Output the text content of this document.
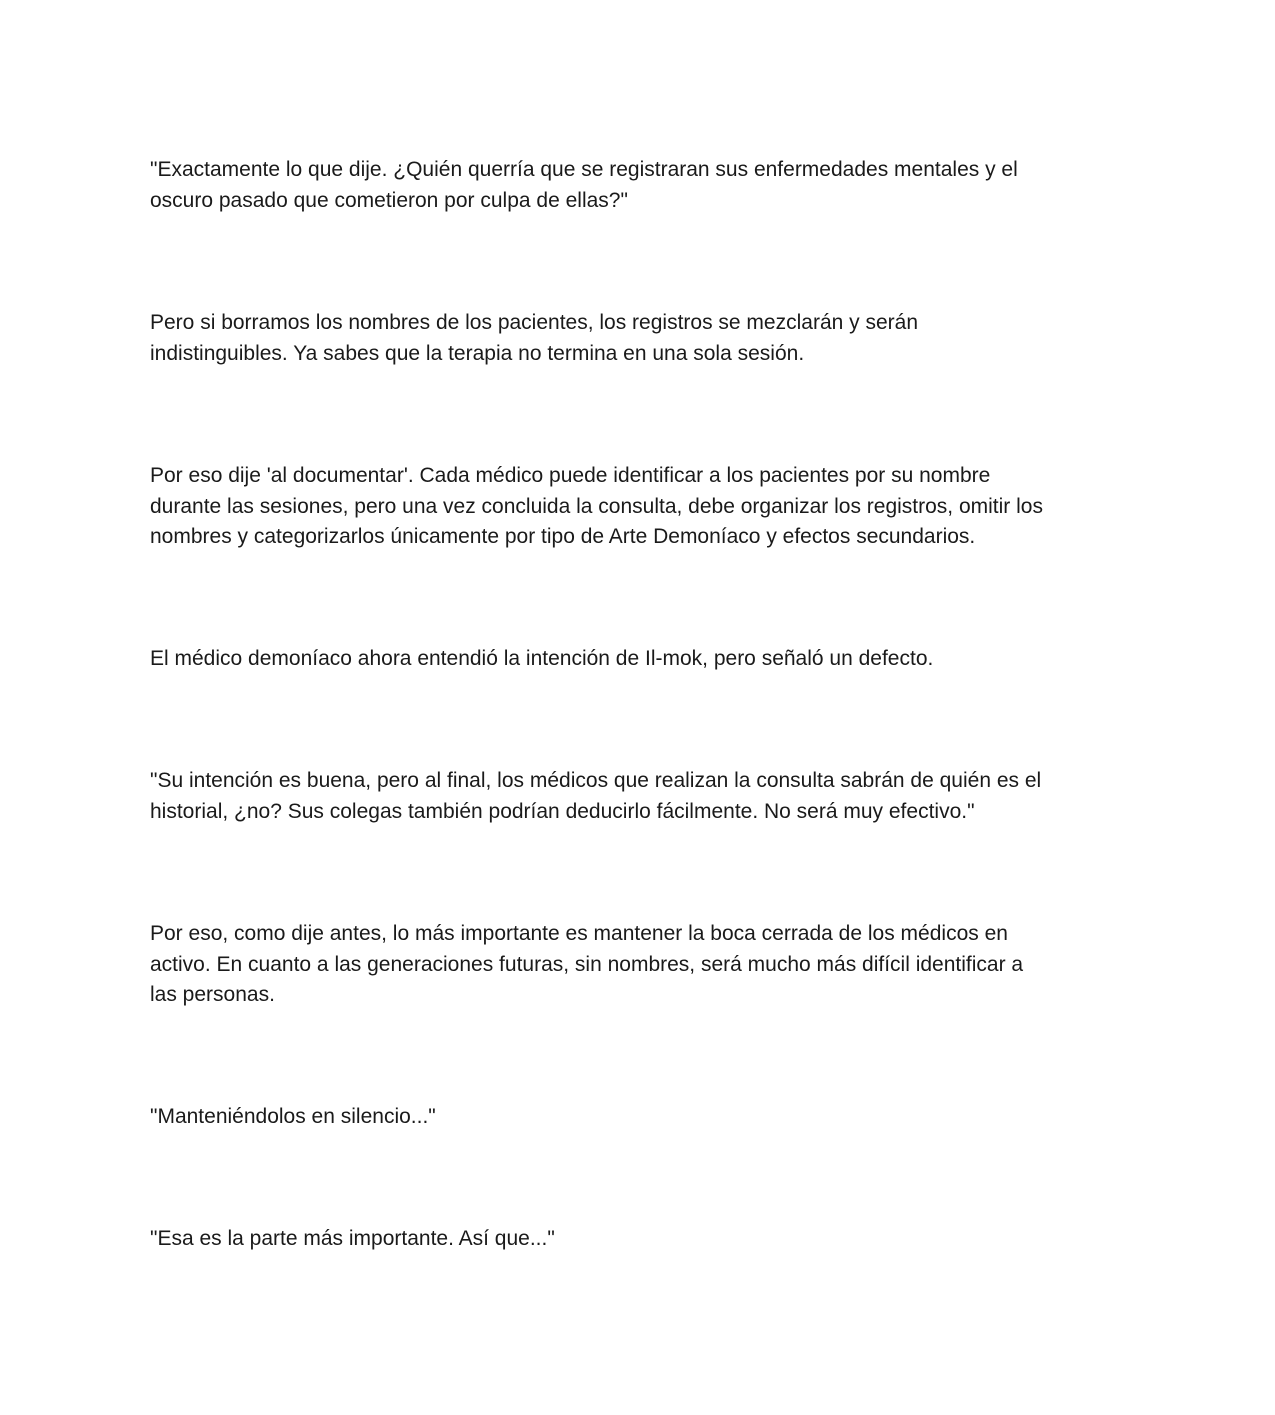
"Exactamente lo que dije. ¿Quién querría que se registraran sus enfermedades mentales y el
oscuro pasado que cometieron por culpa de ellas?"

Pero si borramos los nombres de los pacientes, los registros se mezclarán y serán
indistinguibles. Ya sabes que la terapia no termina en una sola sesión.

Por eso dije 'al documentar'. Cada médico puede identificar a los pacientes por su nombre
durante las sesiones, pero una vez concluida la consulta, debe organizar los registros, omitir los
nombres y categorizarlos únicamente por tipo de Arte Demoníaco y efectos secundarios.

El médico demoníaco ahora entendió la intención de Il-mok, pero señaló un defecto.

"Su intención es buena, pero al final, los médicos que realizan la consulta sabrán de quién es el
historial, ¿no? Sus colegas también podrían deducirlo fácilmente. No será muy efectivo."

Por eso, como dije antes, lo más importante es mantener la boca cerrada de los médicos en
activo. En cuanto a las generaciones futuras, sin nombres, será mucho más difícil identificar a
las personas.

"Manteniéndolos en silencio..."

"Esa es la parte más importante. Así que..."
